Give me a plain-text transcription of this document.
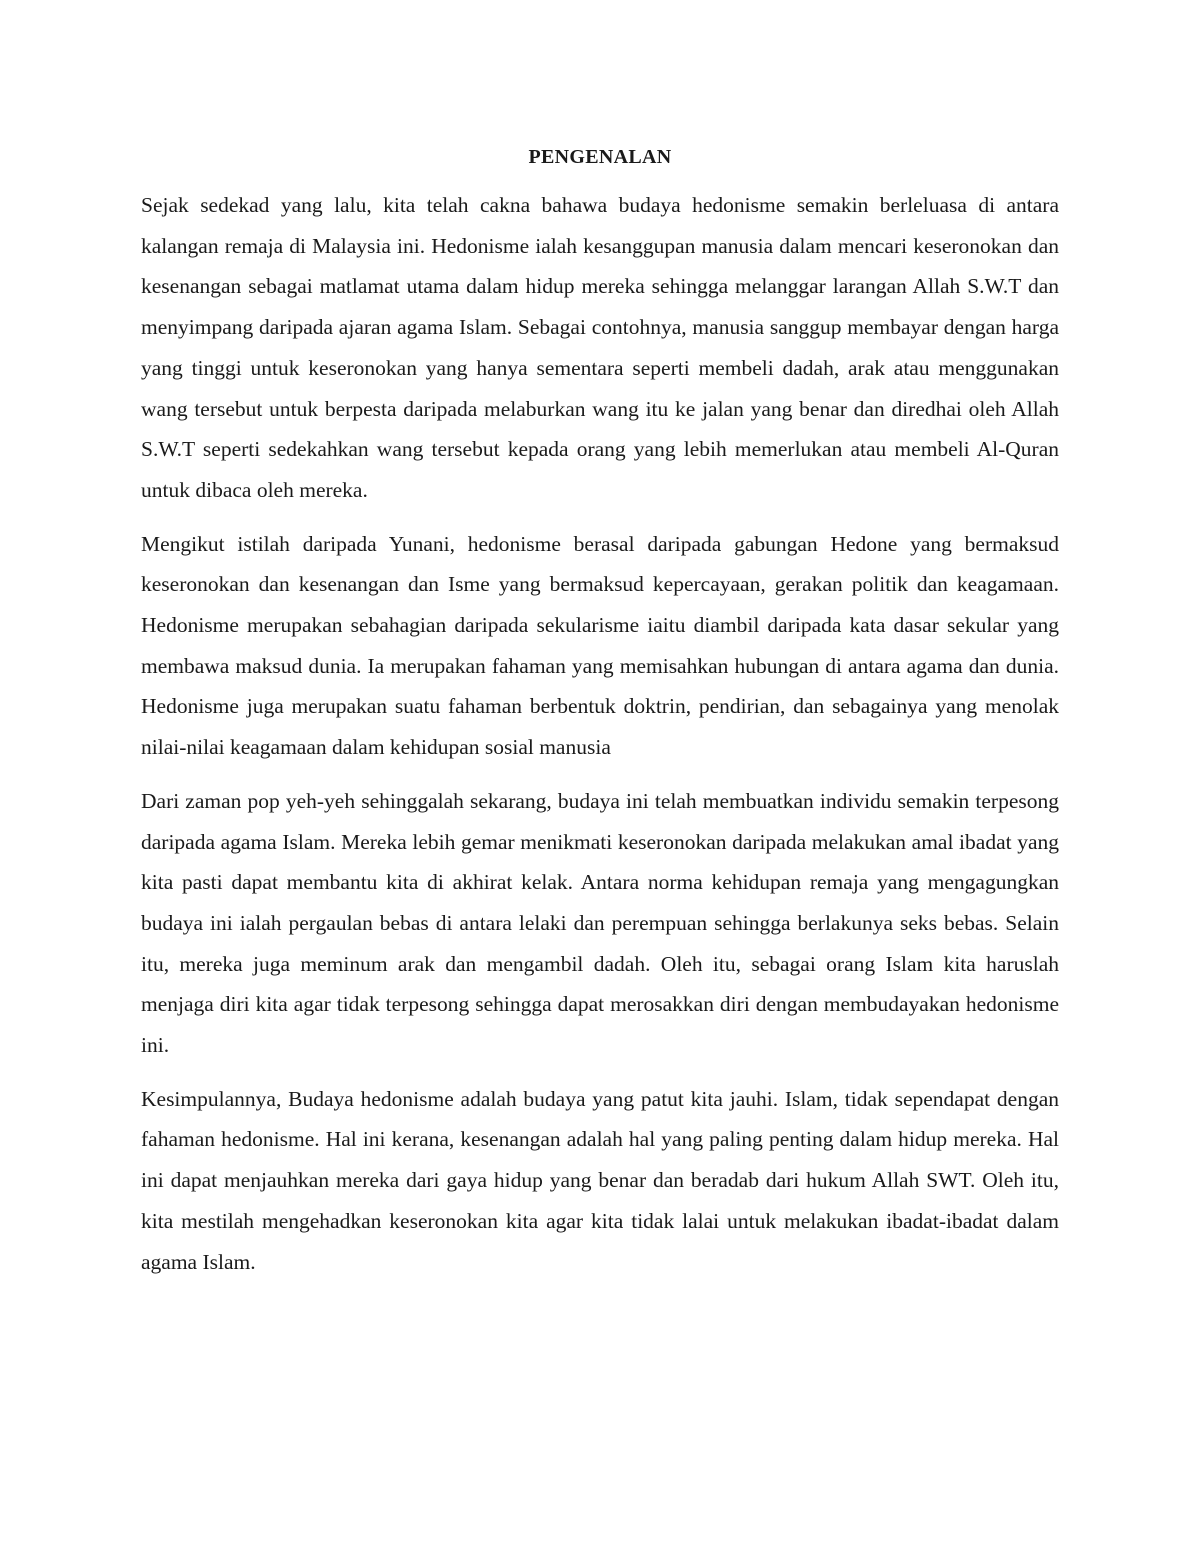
PENGENALAN

Sejak sedekad yang lalu, kita telah cakna bahawa budaya hedonisme semakin berleluasa di antara kalangan remaja di Malaysia ini. Hedonisme ialah kesanggupan manusia dalam mencari keseronokan dan kesenangan sebagai matlamat utama dalam hidup mereka sehingga melanggar larangan Allah S.W.T dan menyimpang daripada ajaran agama Islam. Sebagai contohnya, manusia sanggup membayar dengan harga yang tinggi untuk keseronokan yang hanya sementara seperti membeli dadah, arak atau menggunakan wang tersebut untuk berpesta daripada melaburkan wang itu ke jalan yang benar dan diredhai oleh Allah S.W.T seperti sedekahkan wang tersebut kepada orang yang lebih memerlukan atau membeli Al-Quran untuk dibaca oleh mereka.

Mengikut istilah daripada Yunani, hedonisme berasal daripada gabungan Hedone yang bermaksud keseronokan dan kesenangan dan Isme yang bermaksud kepercayaan, gerakan politik dan keagamaan. Hedonisme merupakan sebahagian daripada sekularisme iaitu diambil daripada kata dasar sekular yang membawa maksud dunia. Ia merupakan fahaman yang memisahkan hubungan di antara agama dan dunia. Hedonisme juga merupakan suatu fahaman berbentuk doktrin, pendirian, dan sebagainya yang menolak nilai-nilai keagamaan dalam kehidupan sosial manusia

Dari zaman pop yeh-yeh sehinggalah sekarang, budaya ini telah membuatkan individu semakin terpesong daripada agama Islam. Mereka lebih gemar menikmati keseronokan daripada melakukan amal ibadat yang kita pasti dapat membantu kita di akhirat kelak. Antara norma kehidupan remaja yang mengagungkan budaya ini ialah pergaulan bebas di antara lelaki dan perempuan sehingga berlakunya seks bebas. Selain itu, mereka juga meminum arak dan mengambil dadah. Oleh itu, sebagai orang Islam kita haruslah menjaga diri kita agar tidak terpesong sehingga dapat merosakkan diri dengan membudayakan hedonisme ini.

Kesimpulannya, Budaya hedonisme adalah budaya yang patut kita jauhi. Islam, tidak sependapat dengan fahaman hedonisme. Hal ini kerana, kesenangan adalah hal yang paling penting dalam hidup mereka. Hal ini dapat menjauhkan mereka dari gaya hidup yang benar dan beradab dari hukum Allah SWT. Oleh itu, kita mestilah mengehadkan keseronokan kita agar kita tidak lalai untuk melakukan ibadat-ibadat dalam agama Islam.
